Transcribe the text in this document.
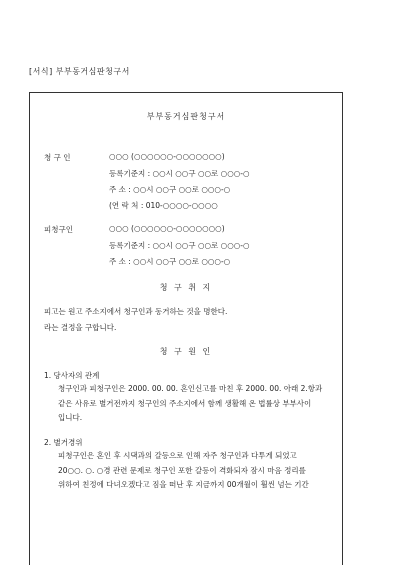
[서식] 부부동거심판청구서
부부동거심판청구서
청 구 인	○○○ (○○○○○○-○○○○○○○)
등록기준지 : ○○시 ○○구 ○○로 ○○○-○
주 소 : ○○시 ○○구 ○○로 ○○○-○
(연 락 처 : 010-○○○○-○○○○
피청구인	○○○ (○○○○○○-○○○○○○○)
등록기준지 : ○○시 ○○구 ○○로 ○○○-○
주 소 : ○○시 ○○구 ○○로 ○○○-○
청 구 취 지
피고는 원고 주소지에서 청구인과 동거하는 것을 명한다.
라는 결정을 구합니다.
청 구 원 인
1. 당사자의 관계
청구인과 피청구인은 2000. 00. 00. 혼인신고를 마친 후 2000. 00. 아래 2.항과
같은 사유로 별거전까지 청구인의 주소지에서 함께 생활해 온 법률상 부부사이
입니다.
2. 별거경위
피청구인은 혼인 후 시댁과의 갈등으로 인해 자주 청구인과 다투게 되었고
20○○. ○. ○경 관련 문제로 청구인 포한 갈등이 격화되자 잠시 마음 정리를
위하여 친정에 다녀오겠다고 짐을 떠난 후 지금까지 00개월이 훨씬 넘는 기간
